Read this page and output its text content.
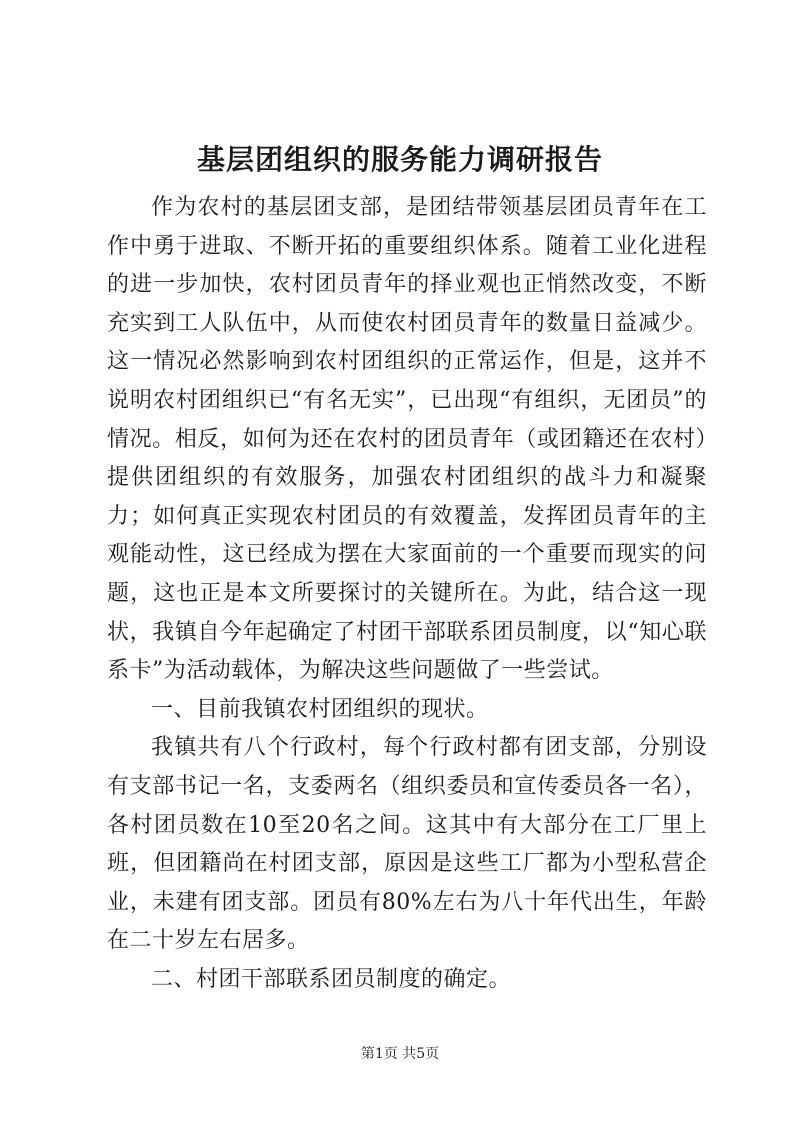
基层团组织的服务能力调研报告

作为农村的基层团支部，是团结带领基层团员青年在工作中勇于进取、不断开拓的重要组织体系。随着工业化进程的进一步加快，农村团员青年的择业观也正悄然改变，不断充实到工人队伍中，从而使农村团员青年的数量日益减少。这一情况必然影响到农村团组织的正常运作，但是，这并不说明农村团组织已“有名无实”，已出现“有组织，无团员”的情况。相反，如何为还在农村的团员青年（或团籍还在农村）提供团组织的有效服务，加强农村团组织的战斗力和凝聚力；如何真正实现农村团员的有效覆盖，发挥团员青年的主观能动性，这已经成为摆在大家面前的一个重要而现实的问题，这也正是本文所要探讨的关键所在。为此，结合这一现状，我镇自今年起确定了村团干部联系团员制度，以“知心联系卡”为活动载体，为解决这些问题做了一些尝试。

一、目前我镇农村团组织的现状。

我镇共有八个行政村，每个行政村都有团支部，分别设有支部书记一名，支委两名（组织委员和宣传委员各一名），各村团员数在10至20名之间。这其中有大部分在工厂里上班，但团籍尚在村团支部，原因是这些工厂都为小型私营企业，未建有团支部。团员有80%左右为八十年代出生，年龄在二十岁左右居多。

二、村团干部联系团员制度的确定。

第1页 共5页
